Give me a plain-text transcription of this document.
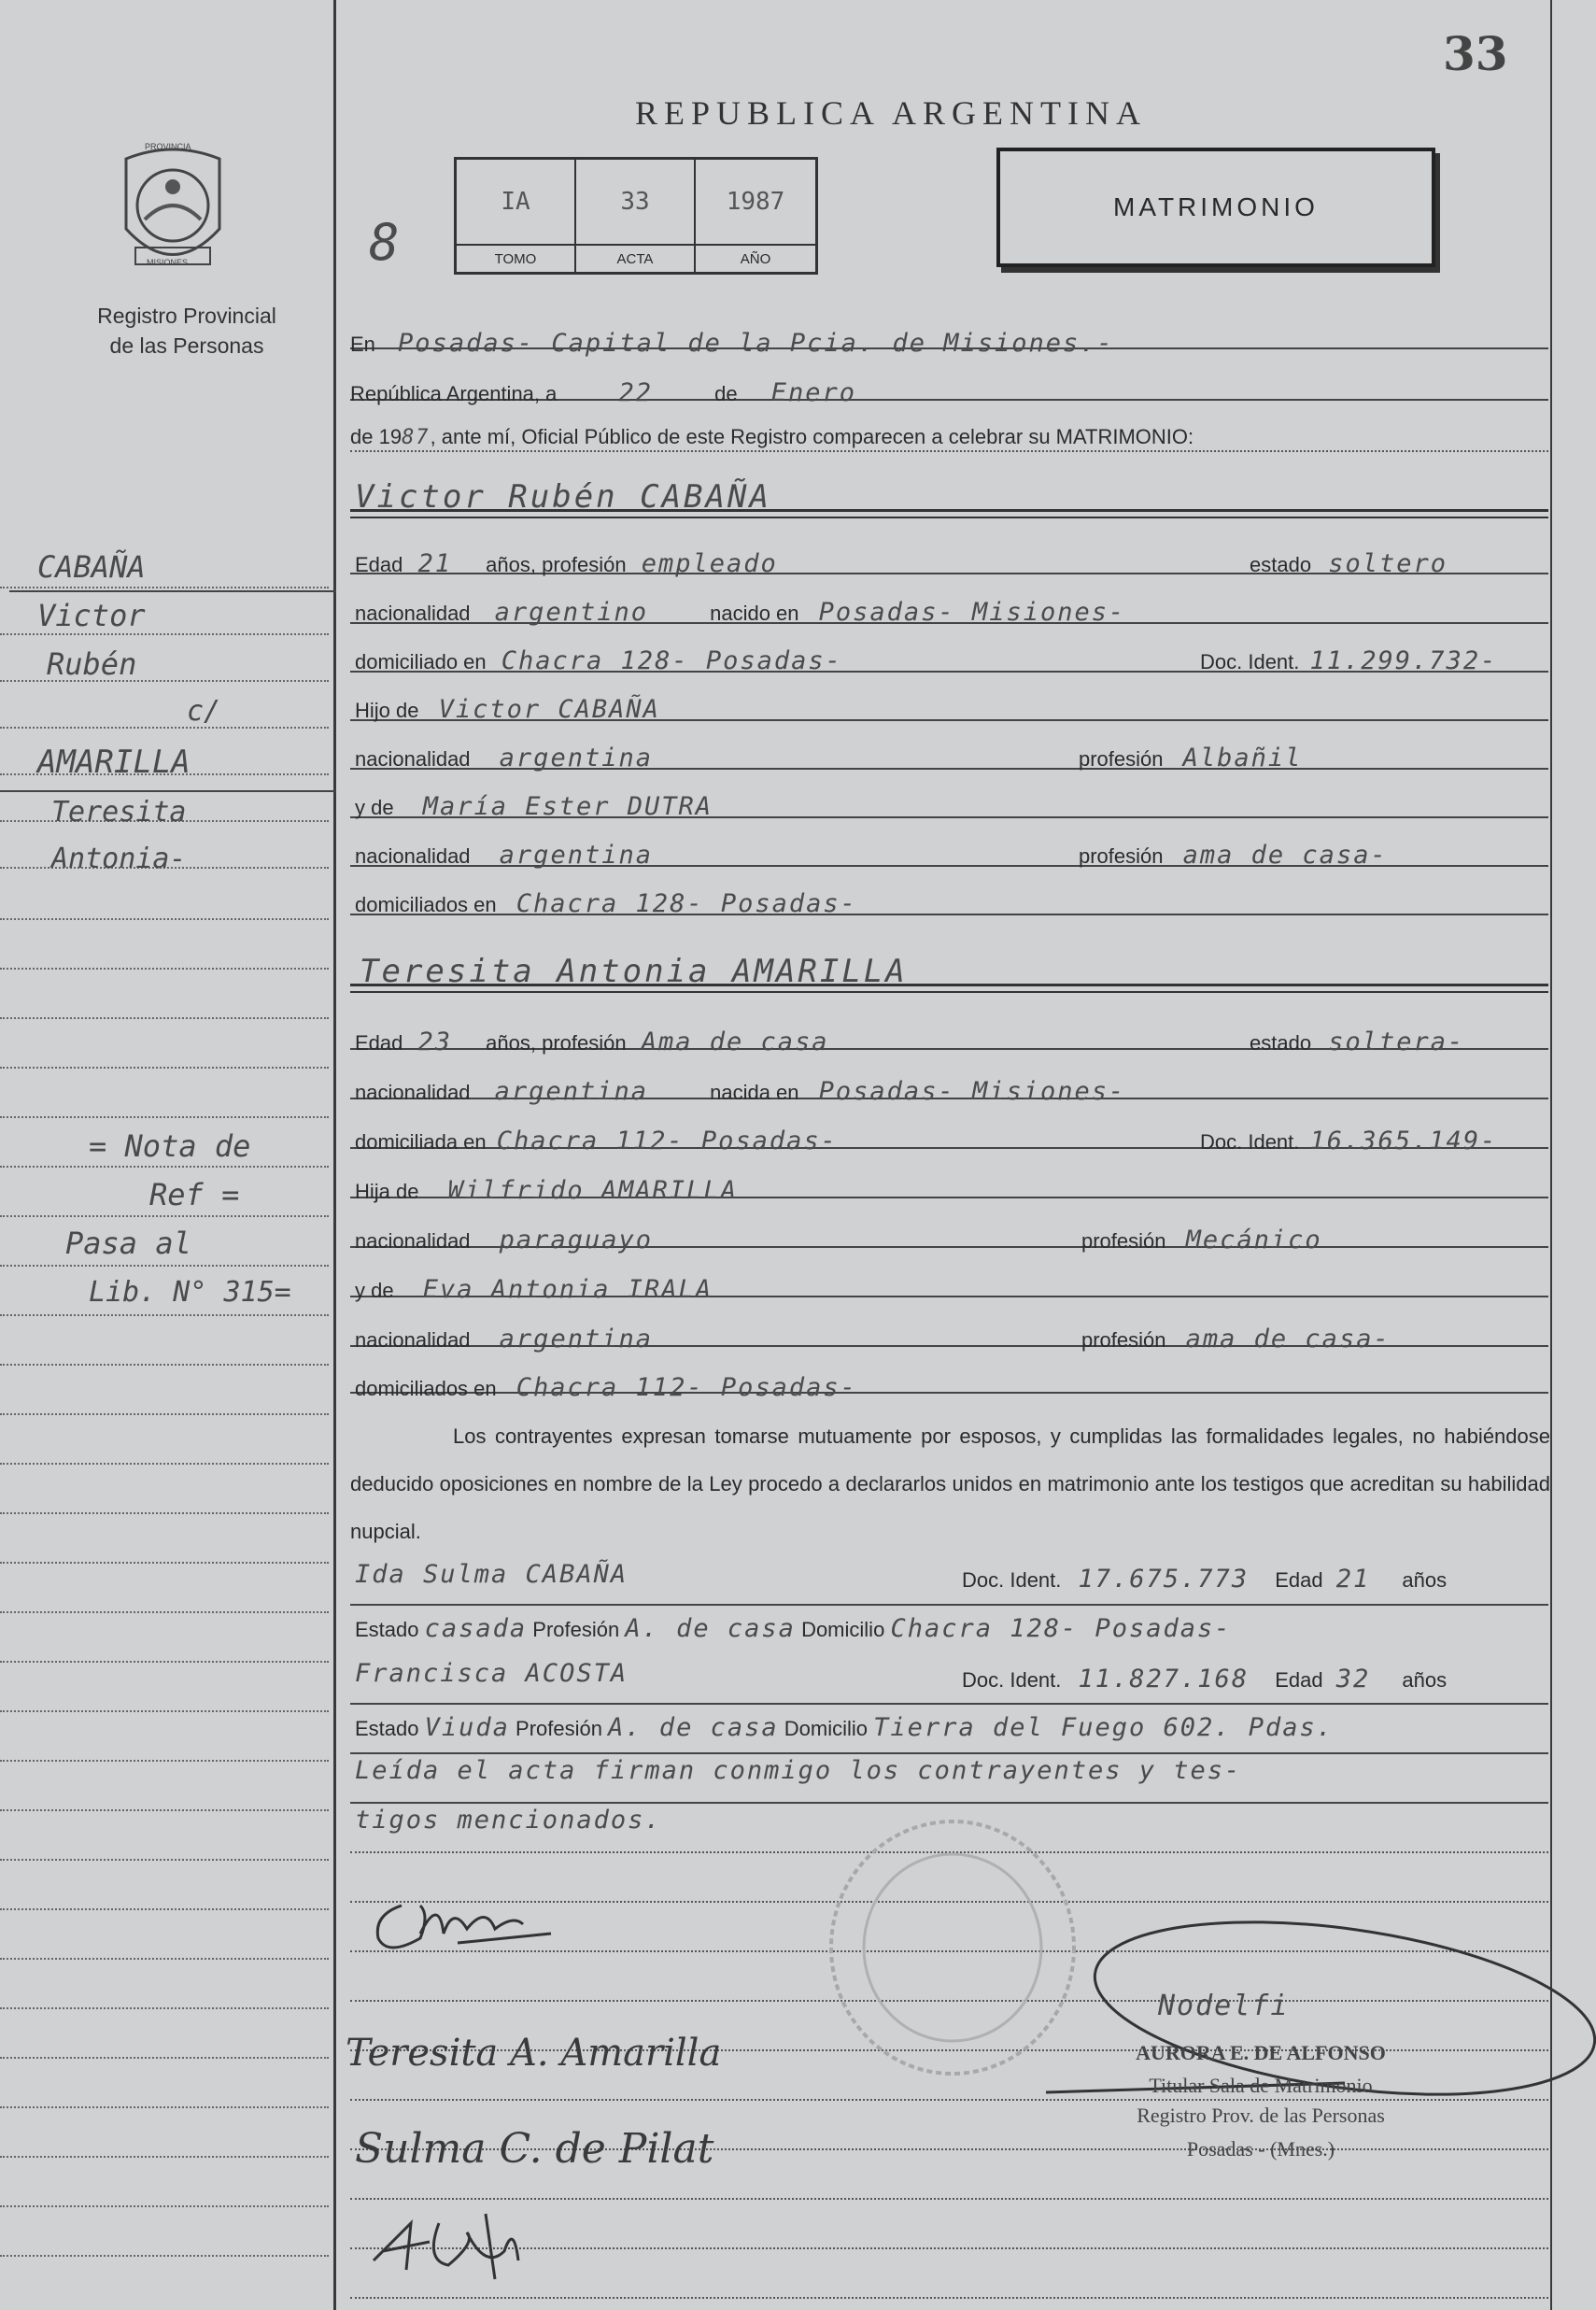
33
REPUBLICA ARGENTINA
PROVINCIA
MISIONES
Registro Provincial
de las Personas
8
IA	33	1987
TOMO	ACTA	AÑO
MATRIMONIO
En Posadas- Capital de la Pcia. de Misiones.-
República Argentina, a 22	de Enero
de 1987, ante mí, Oficial Público de este Registro comparecen a celebrar su MATRIMONIO:
Victor Rubén CABAÑA
Edad 21 años, profesión empleado	estado soltero
nacionalidad argentino	nacido en Posadas- Misiones-
domiciliado en Chacra 128- Posadas-	Doc. Ident. 11.299.732-
Hijo de Victor CABAÑA
nacionalidad argentina	profesión Albañil
y de María Ester DUTRA
nacionalidad argentina	profesión ama de casa-
domiciliados en Chacra 128- Posadas-
Teresita Antonia AMARILLA
Edad 23 años, profesión Ama de casa	estado soltera-
nacionalidad argentina	nacida en Posadas- Misiones-
domiciliada en Chacra 112- Posadas-	Doc. Ident. 16.365.149-
Hija de Wilfrido AMARILLA
nacionalidad paraguayo	profesión Mecánico
y de Eva Antonia IRALA
nacionalidad argentina	profesión ama de casa-
domiciliados en Chacra 112- Posadas-
Los contrayentes expresan tomarse mutuamente por esposos, y cumplidas las formalidades legales, no habiéndose deducido oposiciones en nombre de la Ley procedo a declararlos unidos en matrimonio ante los testigos que acreditan su habilidad nupcial.
Ida Sulma CABAÑA	Doc. Ident. 17.675.773 Edad 21 años
Estado casada Profesión A. de casa Domicilio Chacra 128- Posadas-
Francisca ACOSTA	Doc. Ident. 11.827.168 Edad 32 años
Estado Viuda Profesión A. de casa Domicilio Tierra del Fuego 602. Pdas.
Leída el acta firman conmigo los contrayentes y tes-
tigos mencionados.
CABAÑA
Victor
Rubén
c/
AMARILLA
Teresita
Antonia-
= Nota de
Ref =
Pasa al
Lib. N° 315=
Teresita A. Amarilla
Sulma C. de Pilat
Nodelfi
AURORA E. DE ALFONSO
Titular Sala de Matrimonio
Registro Prov. de las Personas
Posadas - (Mnes.)
